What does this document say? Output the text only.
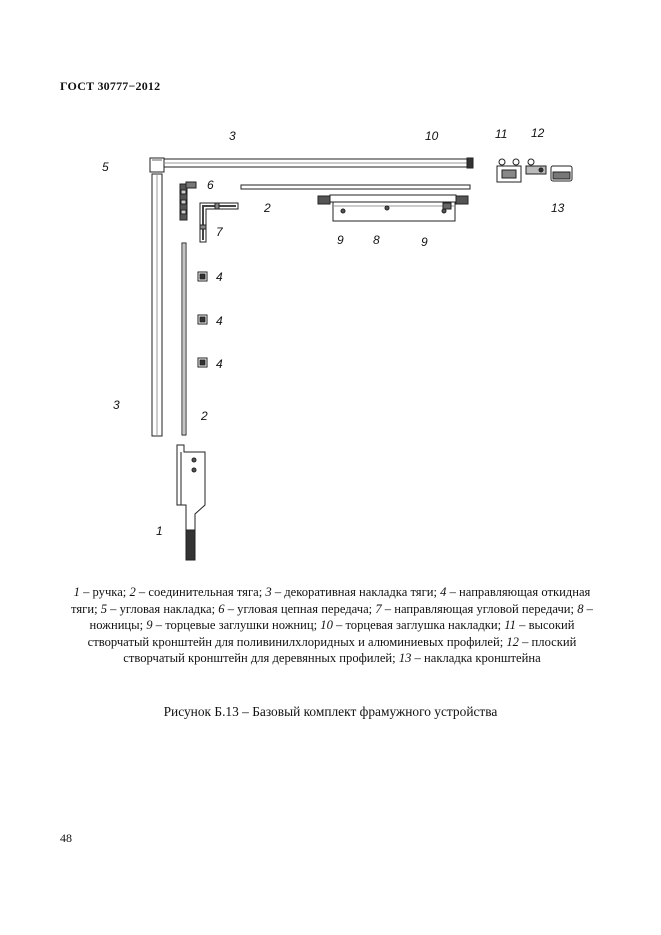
ГОСТ 30777−2012
3	10	11 12
5
6
2
7
9 8	9
13
4
4
4
3
2
1
1 – ручка; 2 – соединительная тяга; 3 – декоративная накладка тяги; 4 – направляющая откидная тяги; 5 – угловая накладка; 6 – угловая цепная передача; 7 – направляющая угловой передачи; 8 – ножницы; 9 – торцевые заглушки ножниц; 10 – торцевая заглушка накладки; 11 – высокий створчатый кронштейн для поливинилхлоридных и алюминиевых профилей; 12 – плоский створчатый кронштейн для деревянных профилей; 13 – накладка кронштейна
Рисунок Б.13 – Базовый комплект фрамужного устройства
48
